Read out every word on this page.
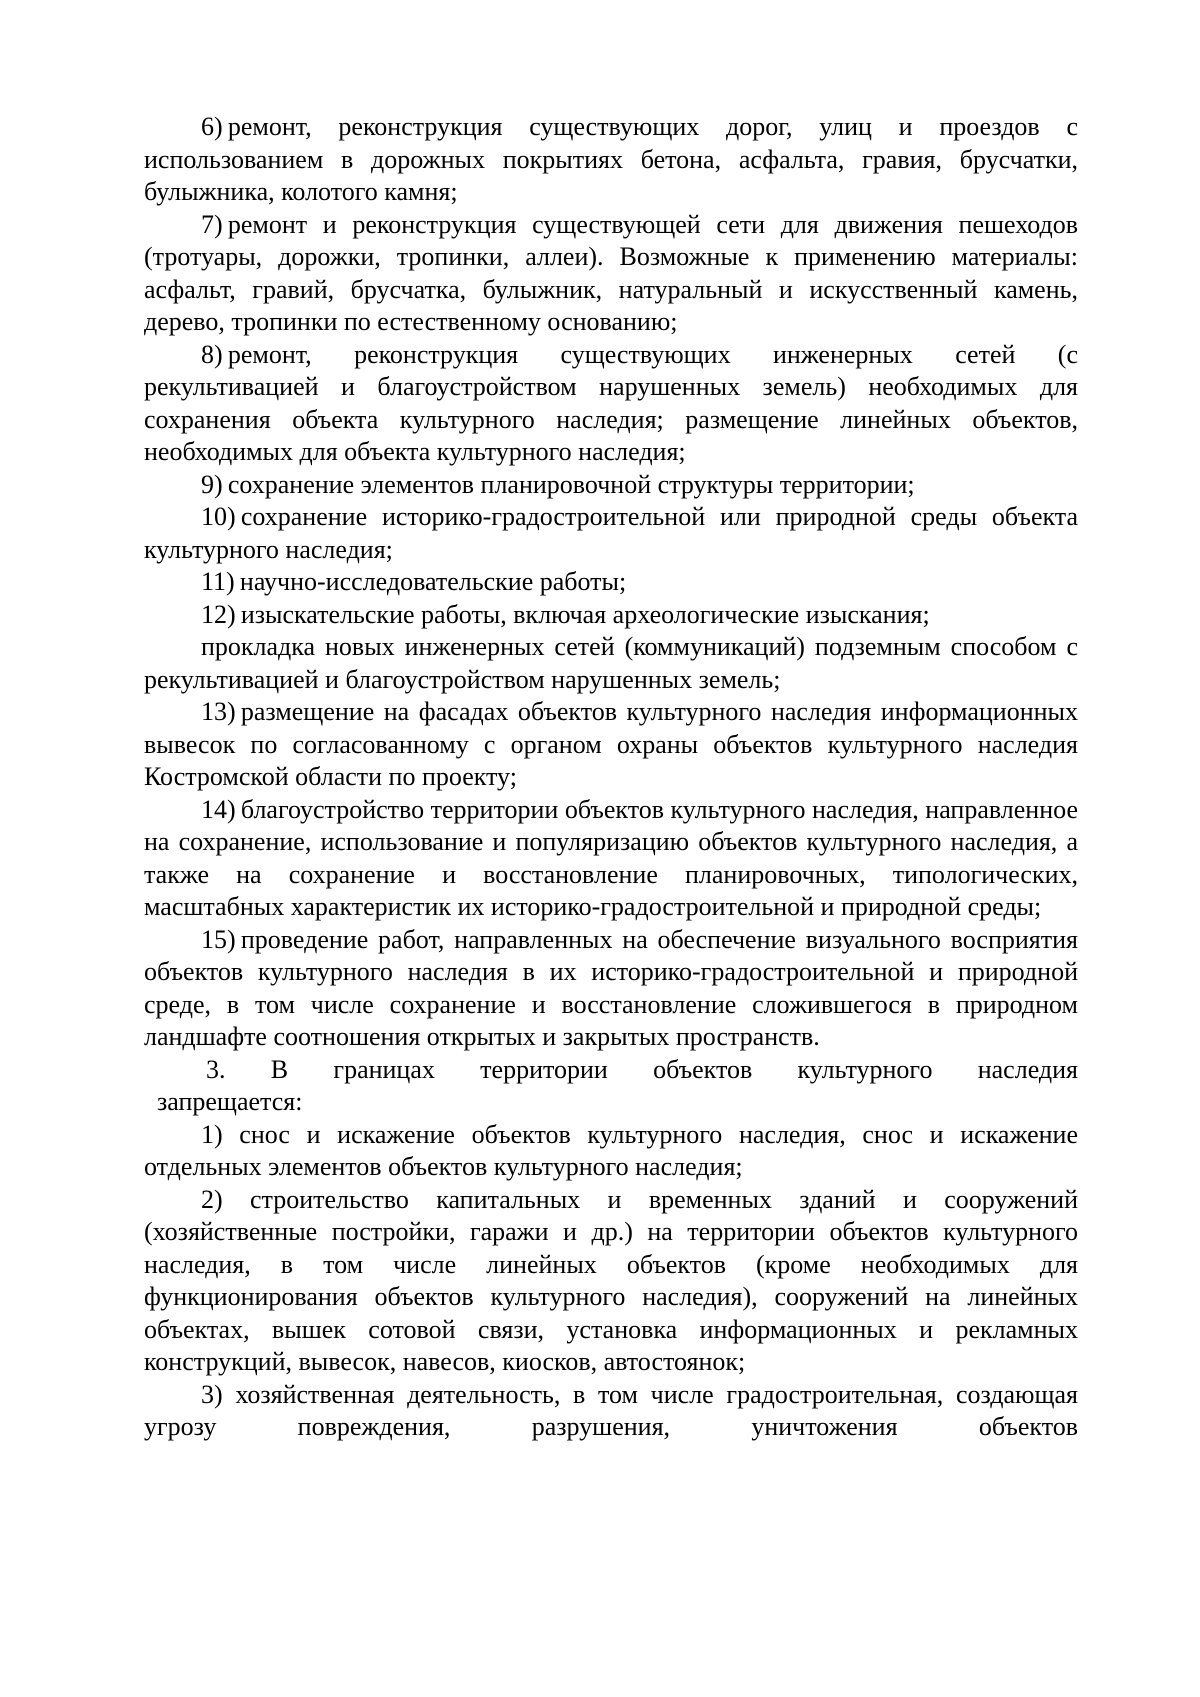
6) ремонт, реконструкция существующих дорог, улиц и проездов с использованием в дорожных покрытиях бетона, асфальта, гравия, брусчатки, булыжника, колотого камня;

7) ремонт и реконструкция существующей сети для движения пешеходов (тротуары, дорожки, тропинки, аллеи). Возможные к применению материалы: асфальт, гравий, брусчатка, булыжник, натуральный и искусственный камень, дерево, тропинки по естественному основанию;

8) ремонт, реконструкция существующих инженерных сетей (с рекультивацией и благоустройством нарушенных земель) необходимых для сохранения объекта культурного наследия; размещение линейных объектов, необходимых для объекта культурного наследия;

9) сохранение элементов планировочной структуры территории;

10) сохранение историко-градостроительной или природной среды объекта культурного наследия;

11) научно-исследовательские работы;

12) изыскательские работы, включая археологические изыскания;

прокладка новых инженерных сетей (коммуникаций) подземным способом с рекультивацией и благоустройством нарушенных земель;

13) размещение на фасадах объектов культурного наследия информационных вывесок по согласованному с органом охраны объектов культурного наследия Костромской области по проекту;

14) благоустройство территории объектов культурного наследия, направленное на сохранение, использование и популяризацию объектов культурного наследия, а также на сохранение и восстановление планировочных, типологических, масштабных характеристик их историко-градостроительной и природной среды;

15) проведение работ, направленных на обеспечение визуального восприятия объектов культурного наследия в их историко-градостроительной и природной среде, в том числе сохранение и восстановление сложившегося в природном ландшафте соотношения открытых и закрытых пространств.

3. В границах территории объектов культурного наследия

запрещается:

1) снос и искажение объектов культурного наследия, снос и искажение отдельных элементов объектов культурного наследия;

2) строительство капитальных и временных зданий и сооружений (хозяйственные постройки, гаражи и др.) на территории объектов культурного наследия, в том числе линейных объектов (кроме необходимых для функционирования объектов культурного наследия), сооружений на линейных объектах, вышек сотовой связи, установка информационных и рекламных конструкций, вывесок, навесов, киосков, автостоянок;

3) хозяйственная деятельность, в том числе градостроительная, создающая угрозу повреждения, разрушения, уничтожения объектов
